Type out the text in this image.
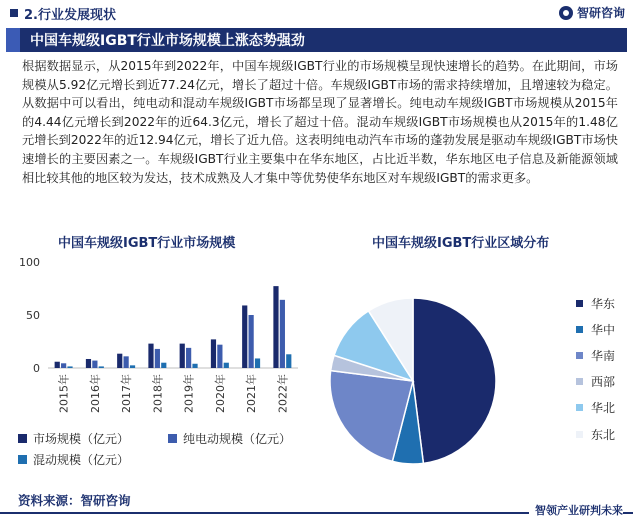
2.行业发展现状	智研咨询
中国车规级IGBT行业市场规模上涨态势强劲
根据数据显示，从2015年到2022年，中国车规级IGBT行业的市场规模呈现快速增长的趋势。在此期间，市场规模从5.92亿元增长到近77.24亿元，增长了超过十倍。车规级IGBT市场的需求持续增加，且增速较为稳定。从数据中可以看出，纯电动和混动车规级IGBT市场都呈现了显著增长。纯电动车规级IGBT市场规模从2015年的4.44亿元增长到2022年的近64.3亿元，增长了超过十倍。混动车规级IGBT市场规模也从2015年的1.48亿元增长到2022年的近12.94亿元，增长了近九倍。这表明纯电动汽车市场的蓬勃发展是驱动车规级IGBT市场快速增长的主要因素之一。车规级IGBT行业主要集中在华东地区，占比近半数，华东地区电子信息及新能源领域相比较其他的地区较为发达，技术成熟及人才集中等优势使华东地区对车规级IGBT的需求更多。
中国车规级IGBT行业市场规模	中国车规级IGBT行业区域分布
0
50
100
2015年 2016年 2017年 2018年 2019年 2020年 2021年 2022年
市场规模（亿元）	纯电动规模（亿元）
混动规模（亿元）
华东
华中
华南
西部
华北
东北
资料来源：智研咨询
智领产业研判未来
